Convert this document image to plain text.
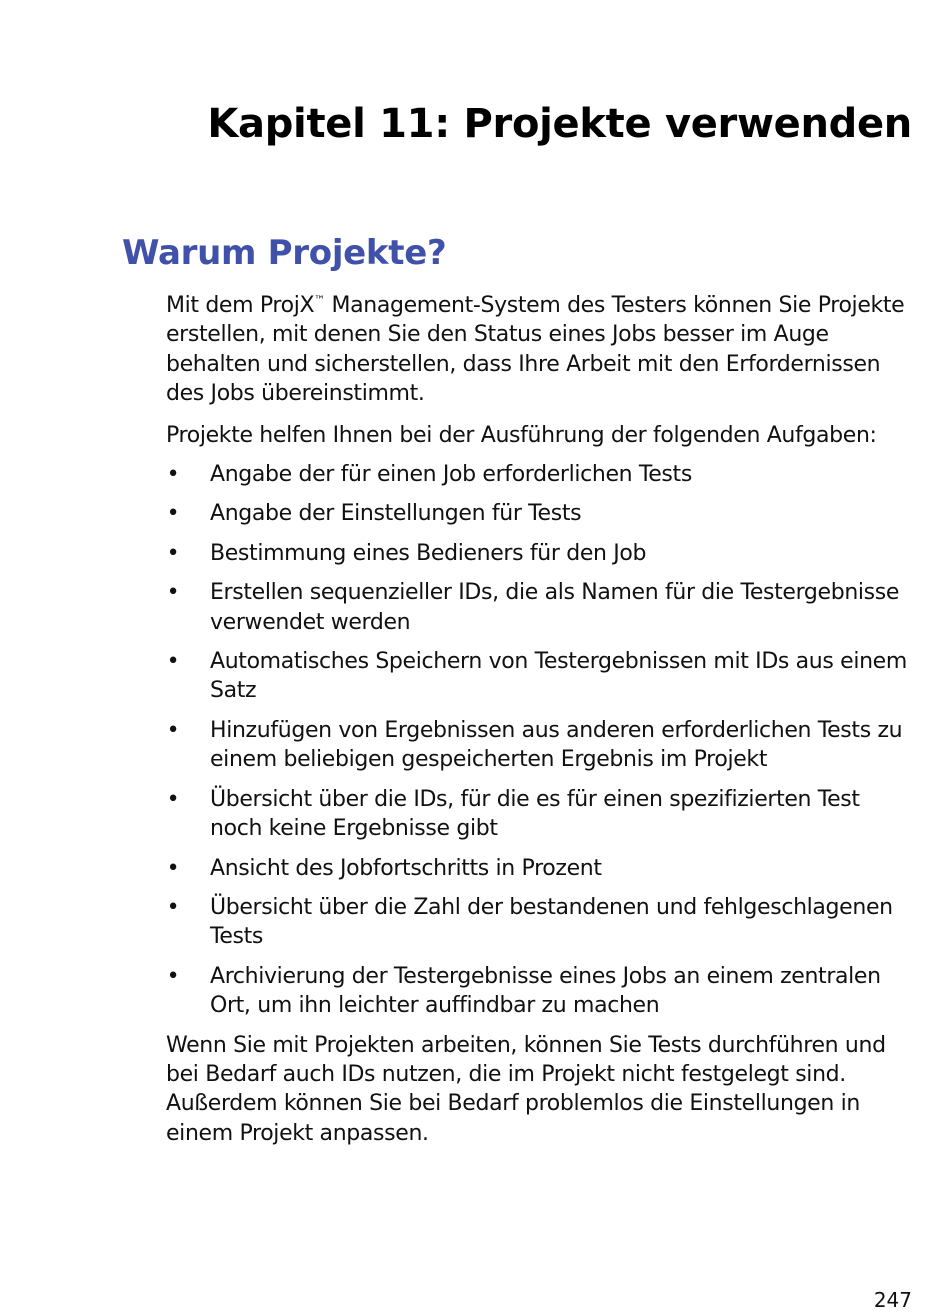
Kapitel 11: Projekte verwenden
Warum Projekte?

Mit dem ProjX™ Management-System des Testers können Sie Projekte erstellen, mit denen Sie den Status eines Jobs besser im Auge behalten und sicherstellen, dass Ihre Arbeit mit den Erfordernissen des Jobs übereinstimmt.

Projekte helfen Ihnen bei der Ausführung der folgenden Aufgaben:

• Angabe der für einen Job erforderlichen Tests
• Angabe der Einstellungen für Tests
• Bestimmung eines Bedieners für den Job
• Erstellen sequenzieller IDs, die als Namen für die Testergebnisse verwendet werden
• Automatisches Speichern von Testergebnissen mit IDs aus einem Satz
• Hinzufügen von Ergebnissen aus anderen erforderlichen Tests zu einem beliebigen gespeicherten Ergebnis im Projekt
• Übersicht über die IDs, für die es für einen spezifizierten Test noch keine Ergebnisse gibt
• Ansicht des Jobfortschritts in Prozent
• Übersicht über die Zahl der bestandenen und fehlgeschlagenen Tests
• Archivierung der Testergebnisse eines Jobs an einem zentralen Ort, um ihn leichter auffindbar zu machen

Wenn Sie mit Projekten arbeiten, können Sie Tests durchführen und bei Bedarf auch IDs nutzen, die im Projekt nicht festgelegt sind. Außerdem können Sie bei Bedarf problemlos die Einstellungen in einem Projekt anpassen.

247
